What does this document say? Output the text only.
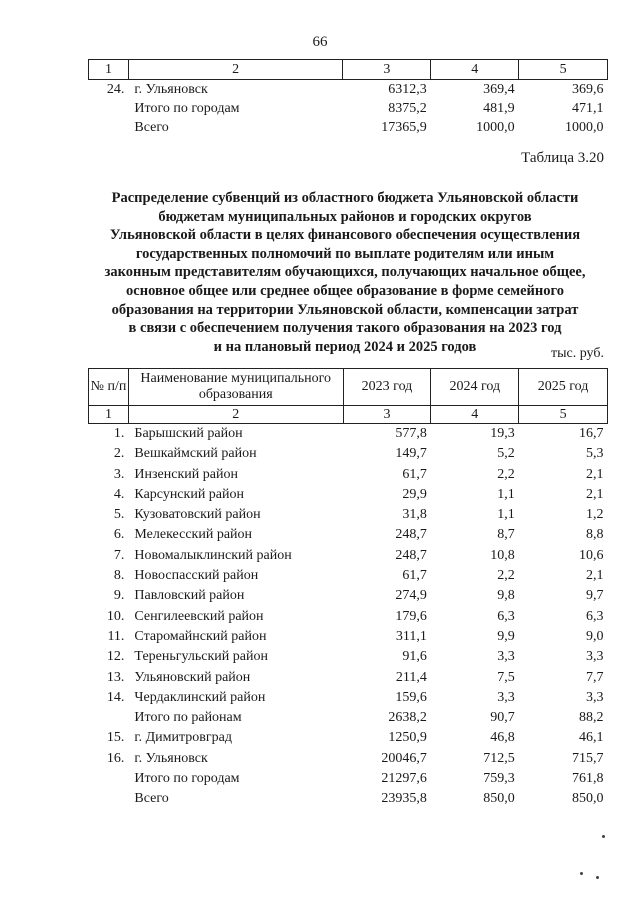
66
1	2	3	4	5
24.	г. Ульяновск	6312,3	369,4	369,6
	Итого по городам	8375,2	481,9	471,1
	Всего	17365,9	1000,0	1000,0
Таблица 3.20
Распределение субвенций из областного бюджета Ульяновской области
бюджетам муниципальных районов и городских округов
Ульяновской области в целях финансового обеспечения осуществления
государственных полномочий по выплате родителям или иным
законным представителям обучающихся, получающих начальное общее,
основное общее или среднее общее образование в форме семейного
образования на территории Ульяновской области, компенсации затрат
в связи с обеспечением получения такого образования на 2023 год
и на плановый период 2024 и 2025 годов	тыс. руб.
№ п/п	Наименование муниципального образования	2023 год	2024 год	2025 год
1	2	3	4	5
1.	Барышский район	577,8	19,3	16,7
2.	Вешкаймский район	149,7	5,2	5,3
3.	Инзенский район	61,7	2,2	2,1
4.	Карсунский район	29,9	1,1	2,1
5.	Кузоватовский район	31,8	1,1	1,2
6.	Мелекесский район	248,7	8,7	8,8
7.	Новомалыклинский район	248,7	10,8	10,6
8.	Новоспасский район	61,7	2,2	2,1
9.	Павловский район	274,9	9,8	9,7
10.	Сенгилеевский район	179,6	6,3	6,3
11.	Старомайнский район	311,1	9,9	9,0
12.	Тереньгульский район	91,6	3,3	3,3
13.	Ульяновский район	211,4	7,5	7,7
14.	Чердаклинский район	159,6	3,3	3,3
	Итого по районам	2638,2	90,7	88,2
15.	г. Димитровград	1250,9	46,8	46,1
16.	г. Ульяновск	20046,7	712,5	715,7
	Итого по городам	21297,6	759,3	761,8
	Всего	23935,8	850,0	850,0
